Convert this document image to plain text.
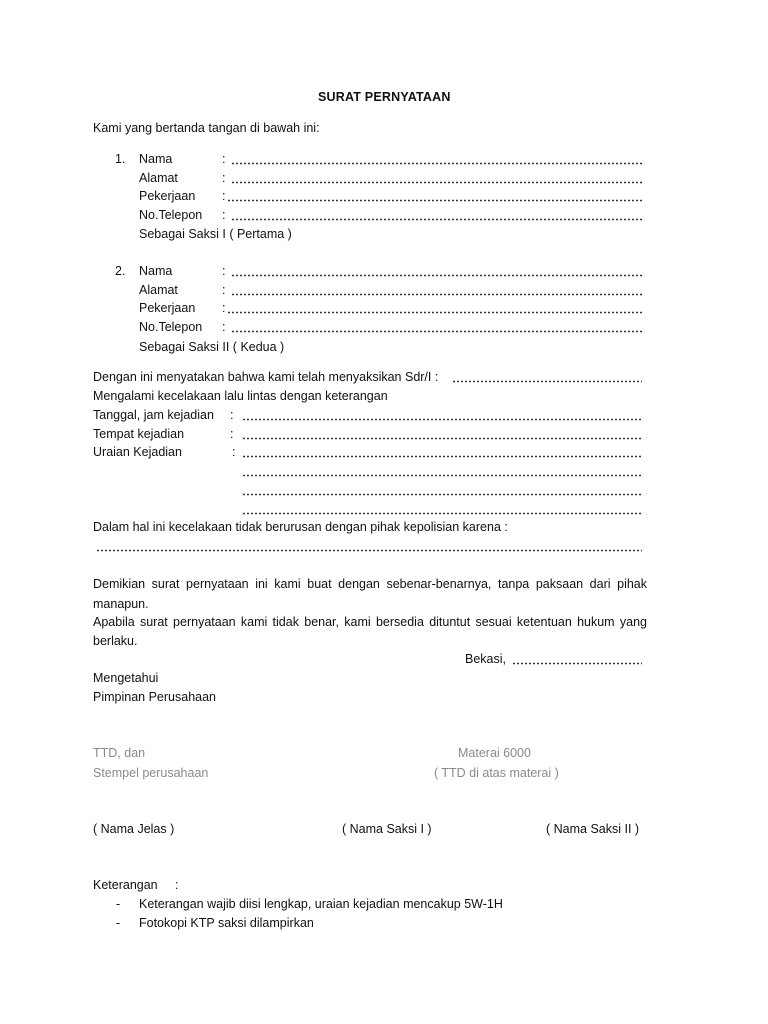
SURAT PERNYATAAN
Kami yang bertanda tangan di bawah ini:
1. Nama	:
Alamat	:
Pekerjaan :
No.Telepon :
Sebagai Saksi I ( Pertama )
2. Nama	:
Alamat	:
Pekerjaan :
No.Telepon :
Sebagai Saksi II ( Kedua )
Dengan ini menyatakan bahwa kami telah menyaksikan Sdr/I :
Mengalami kecelakaan lalu lintas dengan keterangan
Tanggal, jam kejadian :
Tempat kejadian	:
Uraian Kejadian	:
Dalam hal ini kecelakaan tidak berurusan dengan pihak kepolisian karena :
Demikian surat pernyataan ini kami buat dengan sebenar-benarnya, tanpa paksaan dari pihak
manapun.
Apabila surat pernyataan kami tidak benar, kami bersedia dituntut sesuai ketentuan hukum yang
berlaku.
Bekasi,
Mengetahui
Pimpinan Perusahaan
TTD, dan
Stempel perusahaan
Materai 6000
( TTD di atas materai )
( Nama Jelas )	( Nama Saksi I )	( Nama Saksi II )
Keterangan :
- Keterangan wajib diisi lengkap, uraian kejadian mencakup 5W-1H
- Fotokopi KTP saksi dilampirkan
